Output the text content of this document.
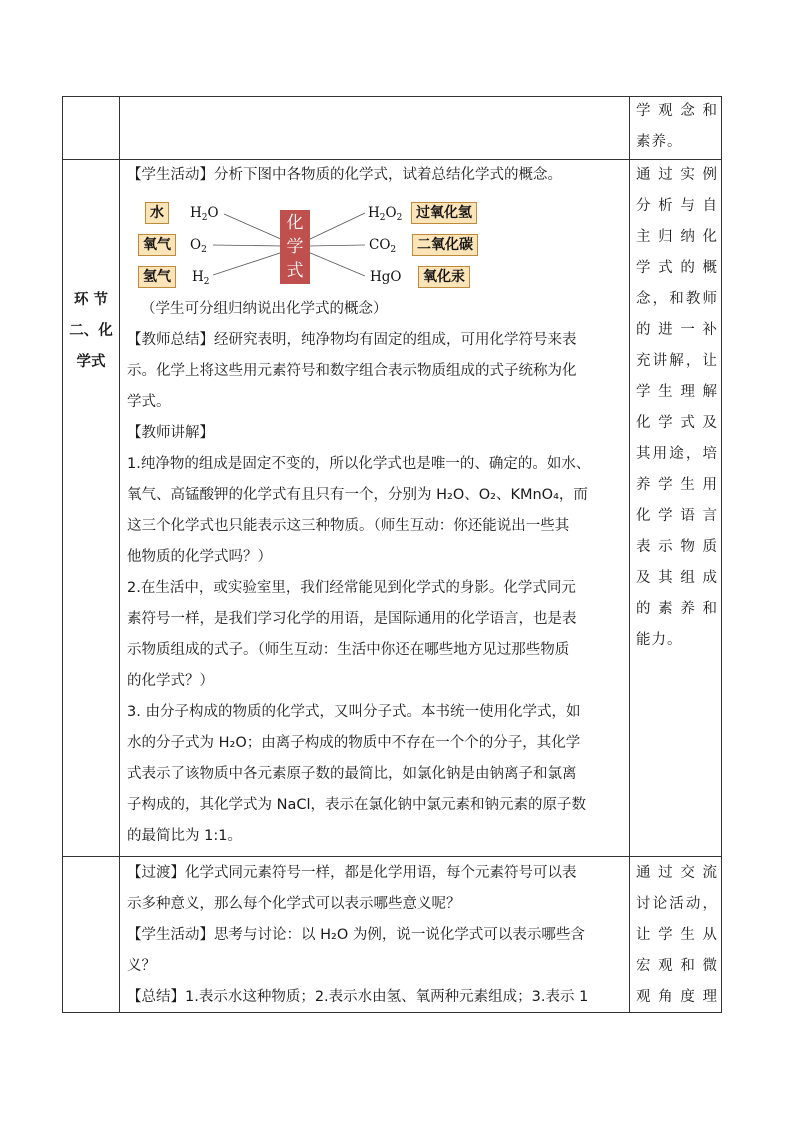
学观念和
素养。
环 节
二、化
学式

【学生活动】分析下图中各物质的化学式，试着总结化学式的概念。

水
氧气
氢气
$H_2O$
$O_2$
$H_2$
化学式
$H_2O_2$
$CO_2$
HgO
过氧化氢
二氧化碳
氧化汞

（学生可分组归纳说出化学式的概念）

【教师总结】经研究表明，纯净物均有固定的组成，可用化学符号来表

示。化学上将这些用元素符号和数字组合表示物质组成的式子统称为化

学式。

【教师讲解】

1.纯净物的组成是固定不变的，所以化学式也是唯一的、确定的。如水、

氧气、高锰酸钾的化学式有且只有一个，分别为 H₂O、O₂、KMnO₄，而

这三个化学式也只能表示这三种物质。（师生互动：你还能说出一些其

他物质的化学式吗？）

2.在生活中，或实验室里，我们经常能见到化学式的身影。化学式同元

素符号一样，是我们学习化学的用语，是国际通用的化学语言，也是表

示物质组成的式子。（师生互动：生活中你还在哪些地方见过那些物质

的化学式？）

3. 由分子构成的物质的化学式，又叫分子式。本书统一使用化学式，如

水的分子式为 H₂O；由离子构成的物质中不存在一个个的分子，其化学

式表示了该物质中各元素原子数的最简比，如氯化钠是由钠离子和氯离

子构成的，其化学式为 NaCl，表示在氯化钠中氯元素和钠元素的原子数

的最简比为 1:1。

通过实例
分析与自
主归纳化
学式的概
念，和教师
的进一补
充讲解，让
学生理解
化学式及
其用途，培
养学生用
化学语言
表示物质
及其组成
的素养和
能力。

【过渡】化学式同元素符号一样，都是化学用语，每个元素符号可以表

示多种意义，那么每个化学式可以表示哪些意义呢？

【学生活动】思考与讨论：以 H₂O 为例，说一说化学式可以表示哪些含

义？

【总结】1.表示水这种物质；2.表示水由氢、氧两种元素组成；3.表示 1

通过交流
讨论活动，
让学生从
宏观和微
观角度理
